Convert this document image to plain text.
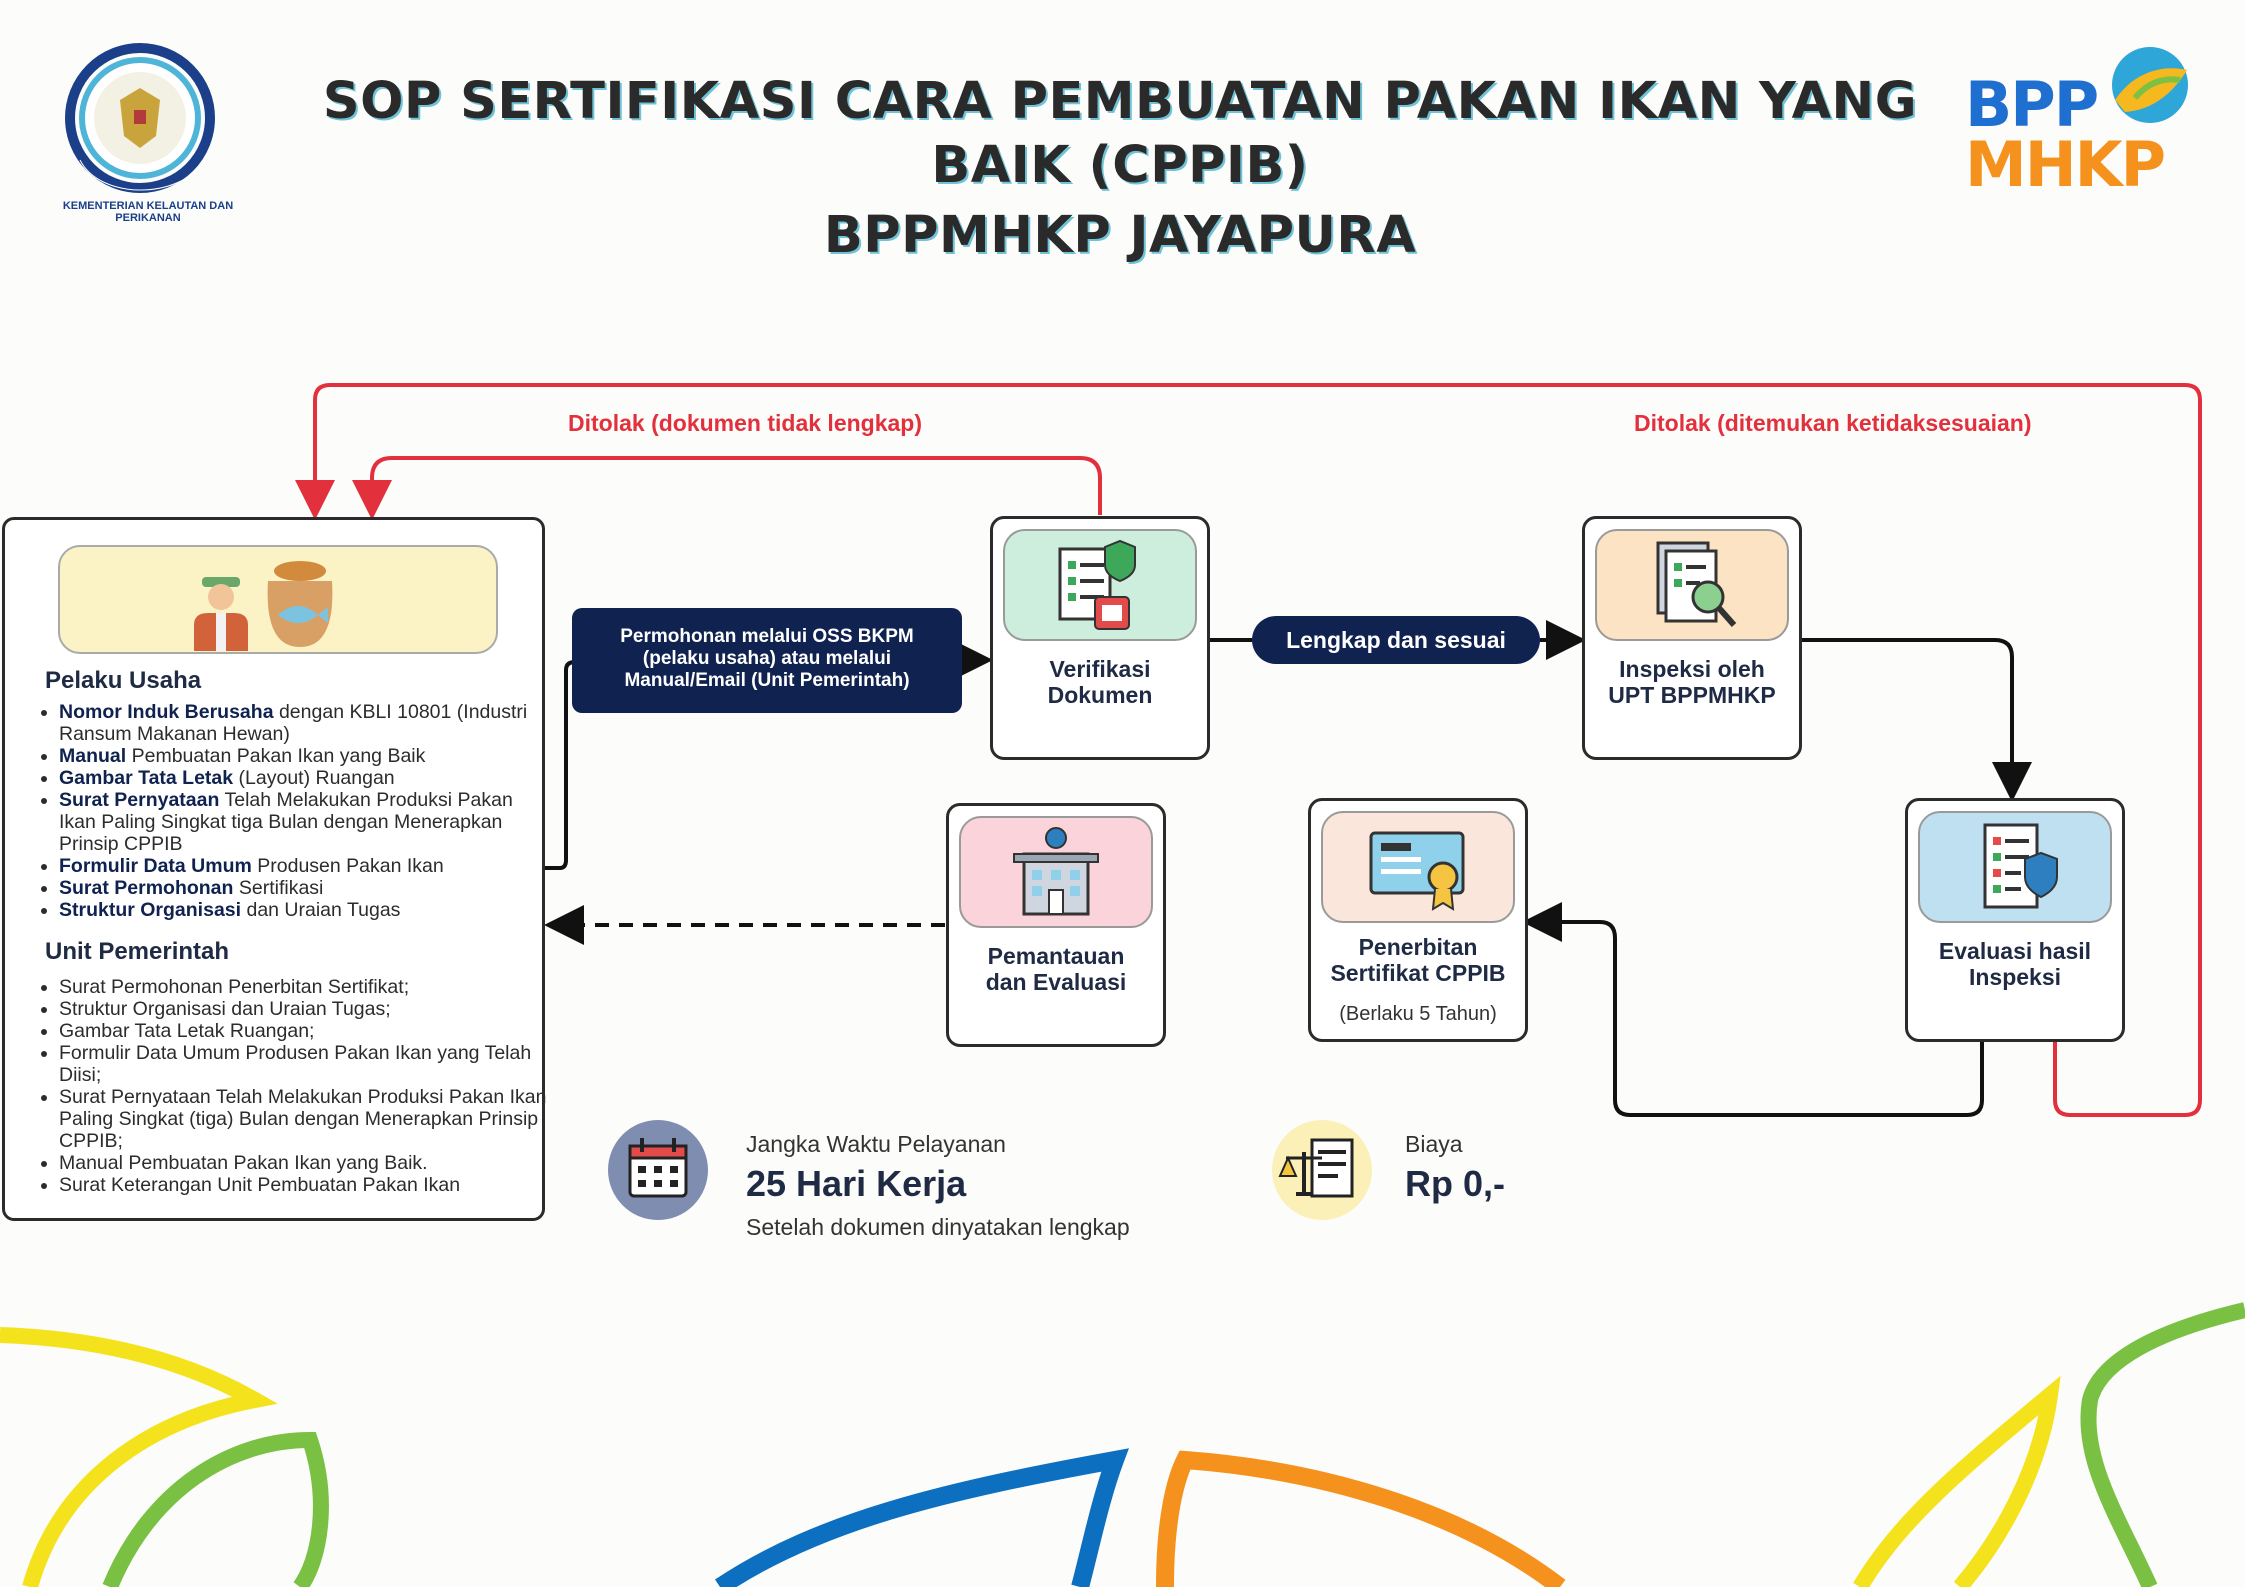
KEMENTERIAN KELAUTAN DAN PERIKANAN
SOP SERTIFIKASI CARA PEMBUATAN PAKAN IKAN YANG
BAIK (CPPIB)
BPPMHKP JAYAPURA
BPP
MHKP
Ditolak (dokumen tidak lengkap)	Ditolak (ditemukan ketidaksesuaian)
Pelaku Usaha
• Nomor Induk Berusaha dengan KBLI 10801 (Industri Ransum Makanan Hewan)
• Manual Pembuatan Pakan Ikan yang Baik
• Gambar Tata Letak (Layout) Ruangan
• Surat Pernyataan Telah Melakukan Produksi Pakan Ikan Paling Singkat tiga Bulan dengan Menerapkan Prinsip CPPIB
• Formulir Data Umum Produsen Pakan Ikan
• Surat Permohonan Sertifikasi
• Struktur Organisasi dan Uraian Tugas
Unit Pemerintah
• Surat Permohonan Penerbitan Sertifikat;
• Struktur Organisasi dan Uraian Tugas;
• Gambar Tata Letak Ruangan;
• Formulir Data Umum Produsen Pakan Ikan yang Telah Diisi;
• Surat Pernyataan Telah Melakukan Produksi Pakan Ikan Paling Singkat (tiga) Bulan dengan Menerapkan Prinsip CPPIB;
• Manual Pembuatan Pakan Ikan yang Baik.
• Surat Keterangan Unit Pembuatan Pakan Ikan
Permohonan melalui OSS BKPM (pelaku usaha) atau melalui Manual/Email (Unit Pemerintah)	Verifikasi Dokumen
Lengkap dan sesuai
Inspeksi oleh UPT BPPMHKP
Evaluasi hasil Inspeksi
Penerbitan Sertifikat CPPIB
(Berlaku 5 Tahun)
Pemantauan dan Evaluasi
Jangka Waktu Pelayanan
25 Hari Kerja
Setelah dokumen dinyatakan lengkap
Biaya
Rp 0,-
